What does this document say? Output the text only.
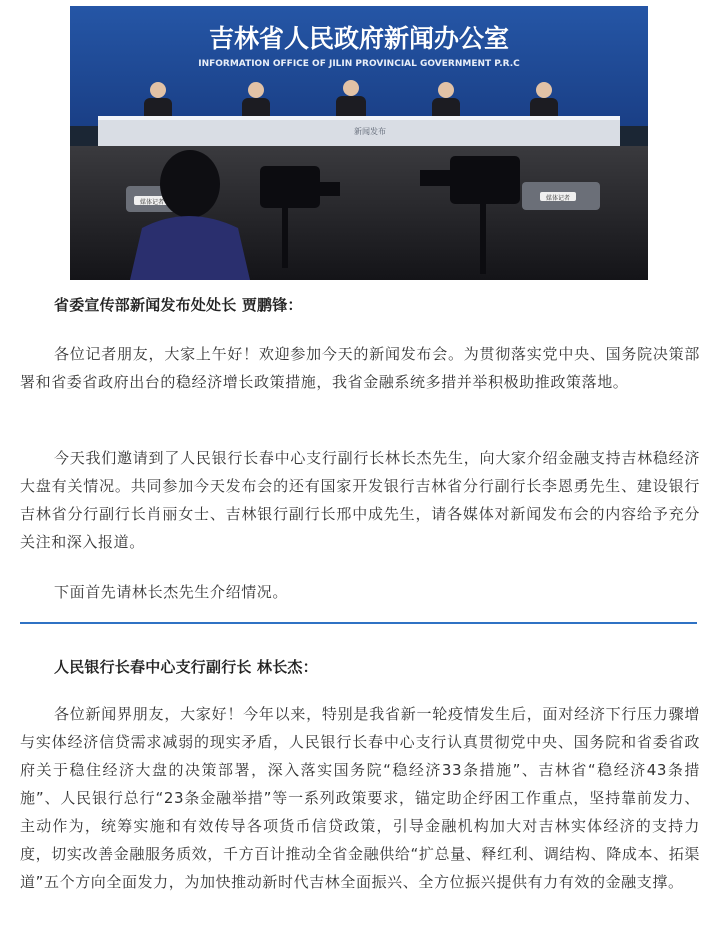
吉林省人民政府新闻办公室
INFORMATION OFFICE OF JILIN PROVINCIAL GOVERNMENT P.R.C
媒体记者
媒体记者
新闻发布

省委宣传部新闻发布处处长 贾鹏锋：

各位记者朋友，大家上午好！欢迎参加今天的新闻发布会。为贯彻落实党中央、国务院决策部署和省委省政府出台的稳经济增长政策措施，我省金融系统多措并举积极助推政策落地。

今天我们邀请到了人民银行长春中心支行副行长林长杰先生，向大家介绍金融支持吉林稳经济大盘有关情况。共同参加今天发布会的还有国家开发银行吉林省分行副行长李恩勇先生、建设银行吉林省分行副行长肖丽女士、吉林银行副行长邢中成先生，请各媒体对新闻发布会的内容给予充分关注和深入报道。

下面首先请林长杰先生介绍情况。

人民银行长春中心支行副行长 林长杰：

各位新闻界朋友，大家好！今年以来，特别是我省新一轮疫情发生后，面对经济下行压力骤增与实体经济信贷需求减弱的现实矛盾，人民银行长春中心支行认真贯彻党中央、国务院和省委省政府关于稳住经济大盘的决策部署，深入落实国务院“稳经济33条措施”、吉林省“稳经济43条措施”、人民银行总行“23条金融举措”等一系列政策要求，锚定助企纾困工作重点，坚持靠前发力、主动作为，统筹实施和有效传导各项货币信贷政策，引导金融机构加大对吉林实体经济的支持力度，切实改善金融服务质效，千方百计推动全省金融供给“扩总量、释红利、调结构、降成本、拓渠道”五个方向全面发力，为加快推动新时代吉林全面振兴、全方位振兴提供有力有效的金融支撑。
